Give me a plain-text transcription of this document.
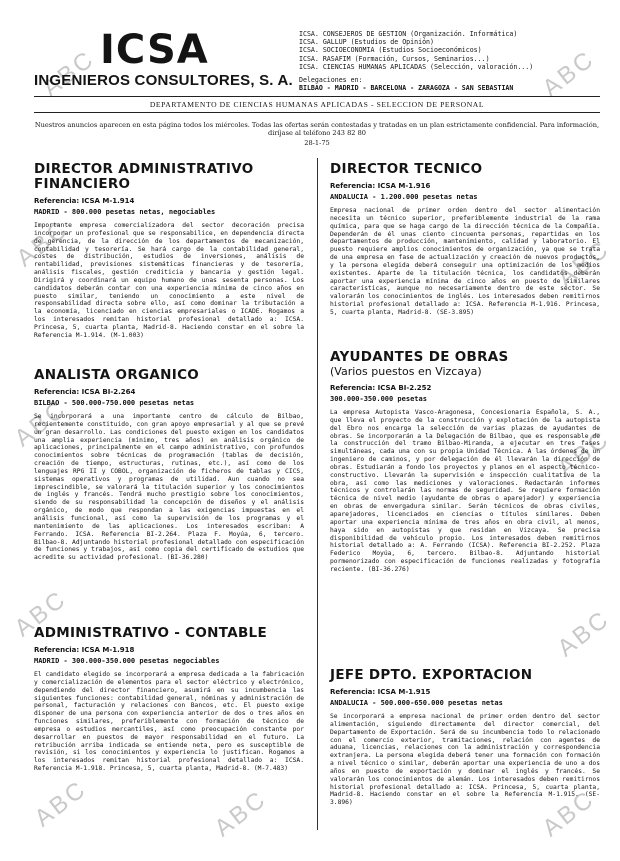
ABC
ABC
ABC
ABC
ABC
ABC
ABC
ABC
ABC
ABC
ABC
ICSA
INGENIEROS CONSULTORES, S. A.
ICSA. CONSEJEROS DE GESTION (Organización. Informática)
ICSA. GALLUP (Estudios de Opinión)
ICSA. SOCIOECONOMIA (Estudios Socioeconómicos)
ICSA. RASAFIM (Formación, Cursos, Seminarios...)
ICSA. CIENCIAS HUMANAS APLICADAS (Selección, valoración...)
Delegaciones en:
BILBAO - MADRID - BARCELONA - ZARAGOZA - SAN SEBASTIAN
DEPARTAMENTO DE CIENCIAS HUMANAS APLICADAS - SELECCION DE PERSONAL
Nuestros anuncios aparecen en esta página todos los miércoles. Todas las ofertas serán contestadas y tratadas en un plan estrictamente confidencial. Para información, diríjase al teléfono 243 82 80
28-1-75
DIRECTOR ADMINISTRATIVO FINANCIERO
Referencia: ICSA M-1.914
MADRID - 800.000 pesetas netas, negociables
Importante empresa comercializadora del sector decoración precisa incorporar un profesional que se responsabilice, en dependencia directa de gerencia, de la dirección de los departamentos de mecanización, contabilidad y tesorería. Se hará cargo de la contabilidad general, costes de distribución, estudios de inversiones, análisis de rentabilidad, previsiones sistemáticas financieras y de tesorería, análisis fiscales, gestión crediticia y bancaria y gestión legal. Dirigirá y coordinará un equipo humano de unas sesenta personas. Los candidatos deberán contar con una experiencia mínima de cinco años en puesto similar, teniendo un conocimiento a este nivel de responsabilidad directa sobre ello, así como dominar la tributación a la economía, licenciado en ciencias empresariales o ICADE. Rogamos a los interesados remitan historial profesional detallado a: ICSA. Princesa, 5, cuarta planta, Madrid-8. Haciendo constar en el sobre la Referencia M-1.914. (M-1.003)
ANALISTA ORGANICO
Referencia: ICSA BI-2.264
BILBAO - 500.000-750.000 pesetas netas
Se incorporará a una importante centro de cálculo de Bilbao, recientemente constituido, con gran apoyo empresarial y al que se prevé un gran desarrollo. Las condiciones del puesto exigen en los candidatos una amplia experiencia (mínimo, tres años) en análisis orgánico de aplicaciones, principalmente en el campo administrativo, con profundos conocimientos sobre técnicas de programación (tablas de decisión, creación de tiempo, estructuras, rutinas, etc.), así como de los lenguajes RPG II y COBOL, organización de ficheros de tablas y CICS, sistemas operativos y programas de utilidad. Aun cuando no sea imprescindible, se valorará la titulación superior y los conocimientos de inglés y francés. Tendrá mucho prestigio sobre los conocimientos, siendo de su responsabilidad la concepción de diseños y el análisis orgánico, de modo que respondan a las exigencias impuestas en el análisis funcional, así como la supervisión de los programas y el mantenimiento de las aplicaciones. Los interesados escriban: A Ferrando. ICSA. Referencia BI-2.264. Plaza F. Moyúa, 6, tercero. Bilbao-8. Adjuntando historial profesional detallado con especificación de funciones y trabajos, así como copia del certificado de estudios que acredite su actividad profesional. (BI-36.280)
ADMINISTRATIVO - CONTABLE
Referencia: ICSA M-1.918
MADRID - 300.000-350.000 pesetas negociables
El candidato elegido se incorporará a empresa dedicada a la fabricación y comercialización de elementos para el sector eléctrico y electrónico, dependiendo del director financiero, asumirá en su incumbencia las siguientes funciones: contabilidad general, nóminas y administración de personal, facturación y relaciones con Bancos, etc. El puesto exige disponer de una persona con experiencia anterior de dos o tres años en funciones similares, preferiblemente con formación de técnico de empresa o estudios mercantiles, así como preocupación constante por desarrollar en puestos de mayor responsabilidad en el futuro. La retribución arriba indicada se entiende neta, pero es susceptible de revisión, si los conocimientos y experiencia lo justifican. Rogamos a los interesados remitan historial profesional detallado a: ICSA. Referencia M-1.918. Princesa, 5, cuarta planta, Madrid-8. (M-7.483)
DIRECTOR TECNICO
Referencia: ICSA M-1.916
ANDALUCIA - 1.200.000 pesetas netas
Empresa nacional de primer orden dentro del sector alimentación necesita un técnico superior, preferiblemente industrial de la rama química, para que se haga cargo de la dirección técnica de la Compañía. Dependerán de él unas ciento cincuenta personas, repartidas en los departamentos de producción, mantenimiento, calidad y laboratorio. El puesto requiere amplios conocimientos de organización, ya que se trata de una empresa en fase de actualización y creación de nuevos productos, y la persona elegida deberá conseguir una optimización de los medios existentes. Aparte de la titulación técnica, los candidatos deberán aportar una experiencia mínima de cinco años en puesto de similares características, aunque no necesariamente dentro de este sector. Se valorarán los conocimientos de inglés. Los interesados deben remitirnos historial profesional detallado a: ICSA. Referencia M-1.916. Princesa, 5, cuarta planta, Madrid-8. (SE-3.895)
AYUDANTES DE OBRAS
(Varios puestos en Vizcaya)
Referencia: ICSA BI-2.252
300.000-350.000 pesetas
La empresa Autopista Vasco-Aragonesa, Concesionaria Española, S. A., que lleva el proyecto de la construcción y explotación de la autopista del Ebro nos encarga la selección de varias plazas de ayudantes de obras. Se incorporarán a la Delegación de Bilbao, que es responsable de la construcción del tramo Bilbao-Miranda, a ejecutar en tres fases simultáneas, cada una con su propia Unidad Técnica. A las órdenes de un ingeniero de caminos, y por delegación de él llevarán la dirección de obras. Estudiarán a fondo los proyectos y planos en el aspecto técnico-constructivo. Llevarán la supervisión e inspección cualitativa de la obra, así como las mediciones y valoraciones. Redactarán informes técnicos y controlarán las normas de seguridad. Se requiere formación técnica de nivel medio (ayudante de obras o aparejador) y experiencia en obras de envergadura similar. Serán técnicos de obras civiles, aparejadores, licenciados en ciencias o títulos similares. Deben aportar una experiencia mínima de tres años en obra civil, al menos, haya sido en autopistas y que residan en Vizcaya. Se precisa disponibilidad de vehículo propio. Los interesados deben remitirnos historial detallado a: A. Ferrando (ICSA). Referencia BI-2.252. Plaza Federico Moyúa, 6, tercero. Bilbao-8. Adjuntando historial pormenorizado con especificación de funciones realizadas y fotografía reciente. (BI-36.276)
JEFE DPTO. EXPORTACION
Referencia: ICSA M-1.915
ANDALUCIA - 500.000-650.000 pesetas netas
Se incorporará a empresa nacional de primer orden dentro del sector alimentación, siguiendo directamente del director comercial, del Departamento de Exportación. Será de su incumbencia todo lo relacionado con el comercio exterior, tramitaciones, relación con agentes de aduana, licencias, relaciones con la administración y correspondencia extranjera. La persona elegida deberá tener una formación con formación a nivel técnico o similar, deberán aportar una experiencia de uno a dos años en puesto de exportación y dominar el inglés y francés. Se valorarán los conocimientos de alemán. Los interesados deben remitirnos historial profesional detallado a: ICSA. Princesa, 5, cuarta planta, Madrid-8. Haciendo constar en el sobre la Referencia M-1.915. (SE-3.896)
